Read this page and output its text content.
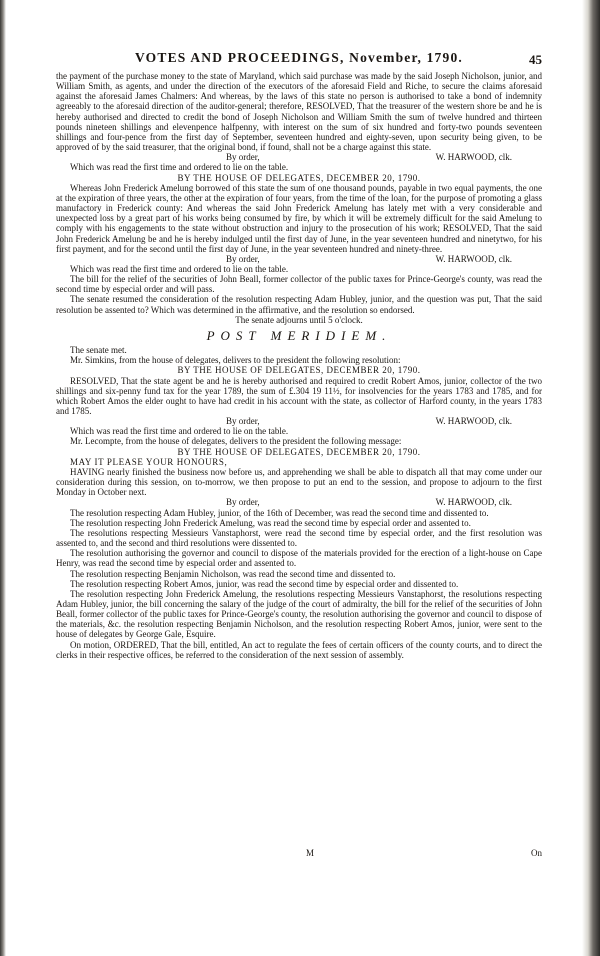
VOTES AND PROCEEDINGS, November, 1790.	45

the payment of the purchase money to the state of Maryland, which said purchase was made by the said Joseph Nicholson, junior, and William Smith, as agents, and under the direction of the executors of the aforesaid Field and Riche, to secure the claims aforesaid against the aforesaid James Chalmers: And whereas, by the laws of this state no person is authorised to take a bond of indemnity agreeably to the aforesaid direction of the auditor-general; therefore, RESOLVED, That the treasurer of the western shore be and he is hereby authorised and directed to credit the bond of Joseph Nicholson and William Smith the sum of twelve hundred and thirteen pounds nineteen shillings and elevenpence halfpenny, with interest on the sum of six hundred and forty-two pounds seventeen shillings and four-pence from the first day of September, seventeen hundred and eighty-seven, upon security being given, to be approved of by the said treasurer, that the original bond, if found, shall not be a charge against this state.

By order,	W. HARWOOD, clk.

Which was read the first time and ordered to lie on the table.

BY THE HOUSE OF DELEGATES, DECEMBER 20, 1790.

Whereas John Frederick Amelung borrowed of this state the sum of one thousand pounds, payable in two equal payments, the one at the expiration of three years, the other at the expiration of four years, from the time of the loan, for the purpose of promoting a glass manufactory in Frederick county: And whereas the said John Frederick Amelung has lately met with a very considerable and unexpected loss by a great part of his works being consumed by fire, by which it will be extremely difficult for the said Amelung to comply with his engagements to the state without obstruction and injury to the prosecution of his work; RESOLVED, That the said John Frederick Amelung be and he is hereby indulged until the first day of June, in the year seventeen hundred and ninetytwo, for his first payment, and for the second until the first day of June, in the year seventeen hundred and ninety-three.

By order,	W. HARWOOD, clk.

Which was read the first time and ordered to lie on the table.

The bill for the relief of the securities of John Beall, former collector of the public taxes for Prince-George's county, was read the second time by especial order and will pass.

The senate resumed the consideration of the resolution respecting Adam Hubley, junior, and the question was put, That the said resolution be assented to? Which was determined in the affirmative, and the resolution so endorsed.

The senate adjourns until 5 o'clock.

POST MERIDIEM.

The senate met.

Mr. Simkins, from the house of delegates, delivers to the president the following resolution:

BY THE HOUSE OF DELEGATES, DECEMBER 20, 1790.

RESOLVED, That the state agent be and he is hereby authorised and required to credit Robert Amos, junior, collector of the two shillings and six-penny fund tax for the year 1789, the sum of £.304 19 11½, for insolvencies for the years 1783 and 1785, and for which Robert Amos the elder ought to have had credit in his account with the state, as collector of Harford county, in the years 1783 and 1785.

By order,	W. HARWOOD, clk.

Which was read the first time and ordered to lie on the table.

Mr. Lecompte, from the house of delegates, delivers to the president the following message:

BY THE HOUSE OF DELEGATES, DECEMBER 20, 1790.

MAY IT PLEASE YOUR HONOURS,

HAVING nearly finished the business now before us, and apprehending we shall be able to dispatch all that may come under our consideration during this session, on to-morrow, we then propose to put an end to the session, and propose to adjourn to the first Monday in October next.

By order,	W. HARWOOD, clk.

The resolution respecting Adam Hubley, junior, of the 16th of December, was read the second time and dissented to.

The resolution respecting John Frederick Amelung, was read the second time by especial order and assented to.

The resolutions respecting Messieurs Vanstaphorst, were read the second time by especial order, and the first resolution was assented to, and the second and third resolutions were dissented to.

The resolution authorising the governor and council to dispose of the materials provided for the erection of a light-house on Cape Henry, was read the second time by especial order and assented to.

The resolution respecting Benjamin Nicholson, was read the second time and dissented to.

The resolution respecting Robert Amos, junior, was read the second time by especial order and dissented to.

The resolution respecting John Frederick Amelung, the resolutions respecting Messieurs Vanstaphorst, the resolutions respecting Adam Hubley, junior, the bill concerning the salary of the judge of the court of admiralty, the bill for the relief of the securities of John Beall, former collector of the public taxes for Prince-George's county, the resolution authorising the governor and council to dispose of the materials, &c. the resolution respecting Benjamin Nicholson, and the resolution respecting Robert Amos, junior, were sent to the house of delegates by George Gale, Esquire.

On motion, ORDERED, That the bill, entitled, An act to regulate the fees of certain officers of the county courts, and to direct the clerks in their respective offices, be referred to the consideration of the next session of assembly.

M	On
